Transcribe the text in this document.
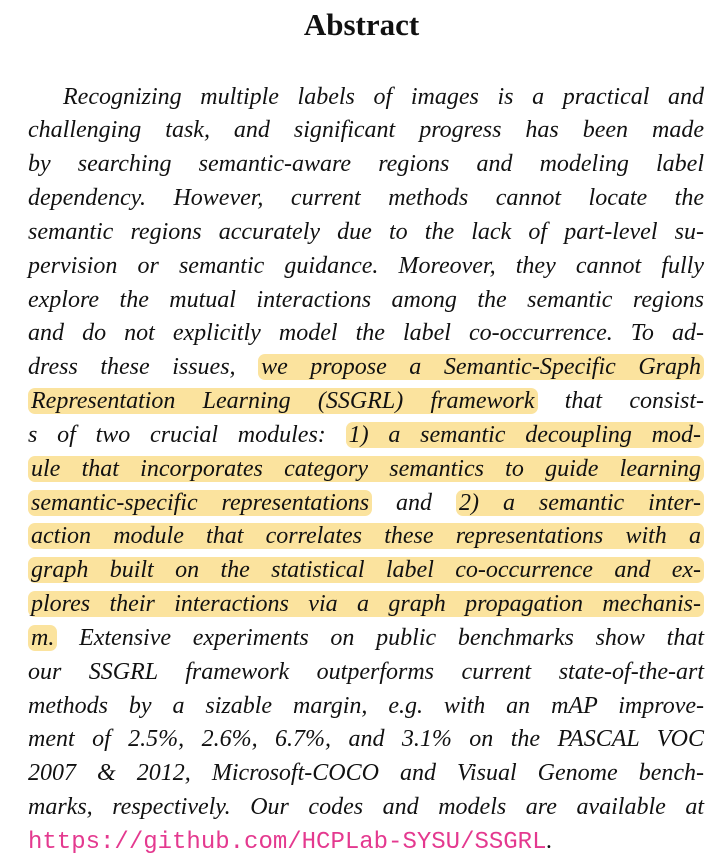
Abstract
Recognizing multiple labels of images is a practical and
challenging task, and significant progress has been made
by searching semantic-aware regions and modeling label
dependency. However, current methods cannot locate the
semantic regions accurately due to the lack of part-level su-
pervision or semantic guidance. Moreover, they cannot fully
explore the mutual interactions among the semantic regions
and do not explicitly model the label co-occurrence. To ad-
dress these issues, we propose a Semantic-Specific Graph
Representation Learning (SSGRL) framework that consist-
s of two crucial modules: 1) a semantic decoupling mod-
ule that incorporates category semantics to guide learning
semantic-specific representations and 2) a semantic inter-
action module that correlates these representations with a
graph built on the statistical label co-occurrence and ex-
plores their interactions via a graph propagation mechanis-
m. Extensive experiments on public benchmarks show that
our SSGRL framework outperforms current state-of-the-art
methods by a sizable margin, e.g. with an mAP improve-
ment of 2.5%, 2.6%, 6.7%, and 3.1% on the PASCAL VOC
2007 & 2012, Microsoft-COCO and Visual Genome bench-
marks, respectively. Our codes and models are available at
https://github.com/HCPLab-SYSU/SSGRL.
